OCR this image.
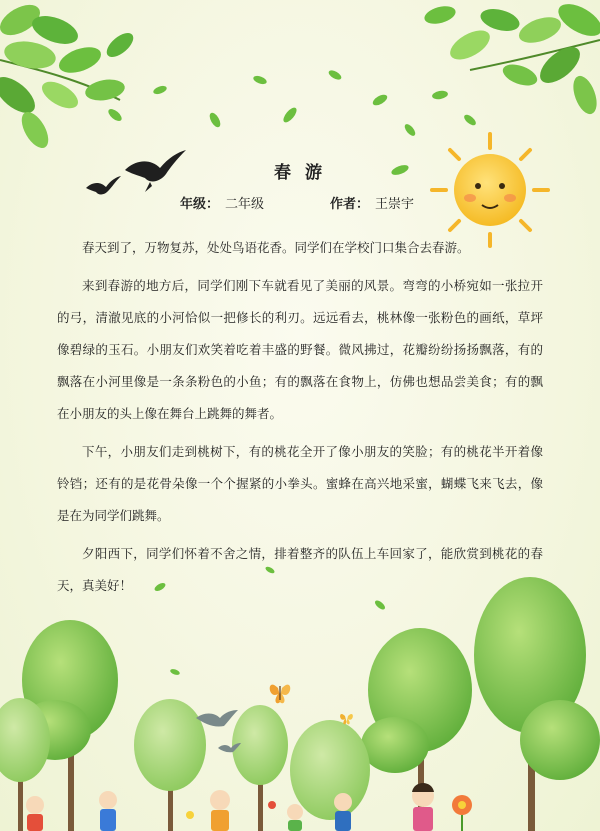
春 游
年级： 二年级	作者： 王崇宇

春天到了，万物复苏，处处鸟语花香。同学们在学校门口集合去春游。

来到春游的地方后，同学们刚下车就看见了美丽的风景。弯弯的小桥宛如一张拉开的弓，清澈见底的小河恰似一把修长的利刃。远远看去，桃林像一张粉色的画纸，草坪像碧绿的玉石。小朋友们欢笑着吃着丰盛的野餐。微风拂过，花瓣纷纷扬扬飘落，有的飘落在小河里像是一条条粉色的小鱼；有的飘落在食物上，仿佛也想品尝美食；有的飘在小朋友的头上像在舞台上跳舞的舞者。

下午，小朋友们走到桃树下，有的桃花全开了像小朋友的笑脸；有的桃花半开着像铃铛；还有的是花骨朵像一个个握紧的小拳头。蜜蜂在高兴地采蜜，蝴蝶飞来飞去，像是在为同学们跳舞。

夕阳西下，同学们怀着不舍之情，排着整齐的队伍上车回家了，能欣赏到桃花的春天，真美好！
